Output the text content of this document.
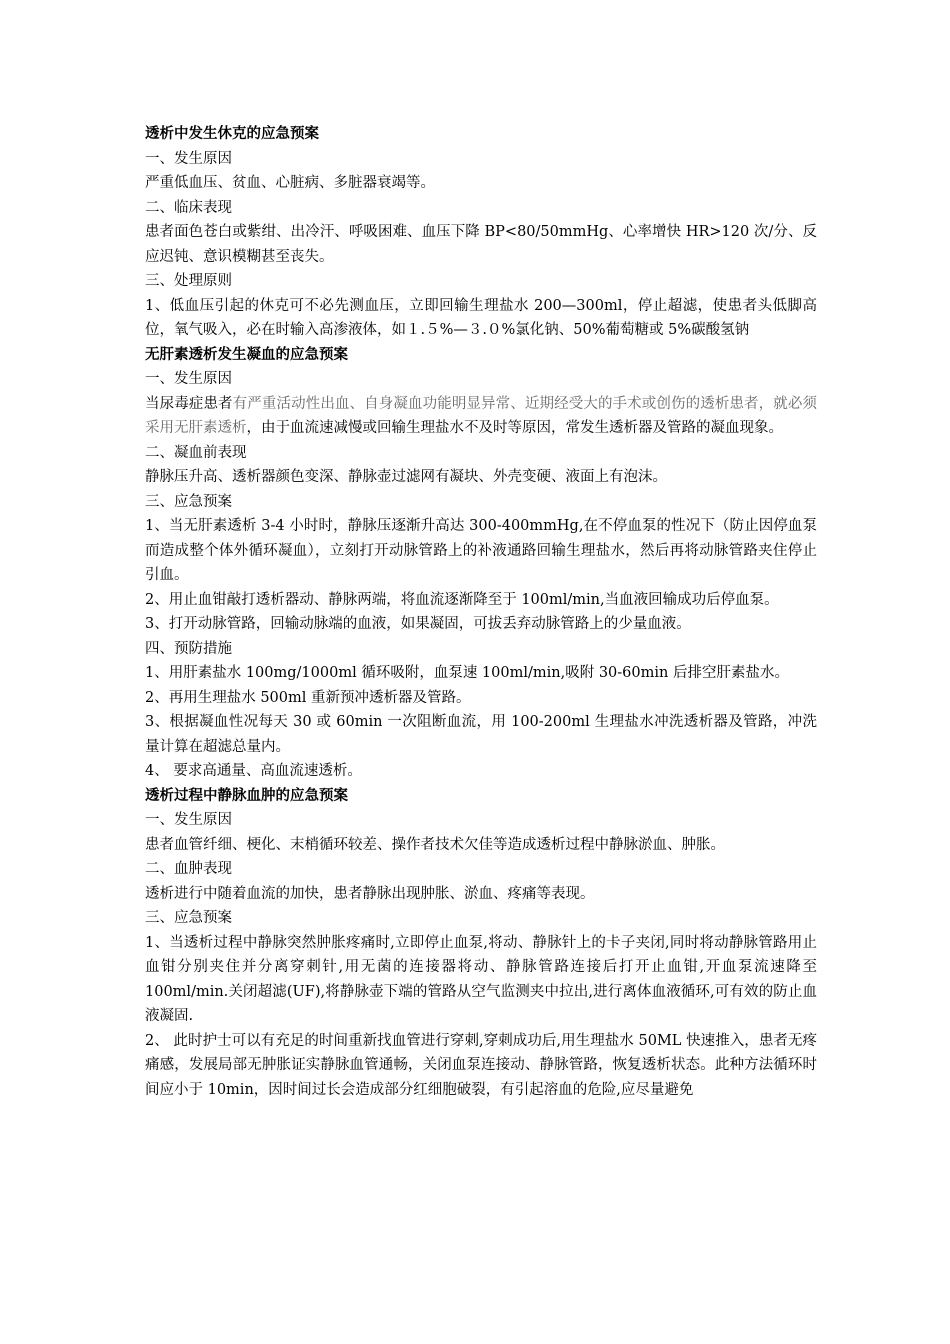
透析中发生休克的应急预案

一、发生原因

严重低血压、贫血、心脏病、多脏器衰竭等。

二、临床表现

患者面色苍白或紫绀、出冷汗、呼吸困难、血压下降 BP<80/50mmHg、心率增快 HR>120 次/分、反应迟钝、意识模糊甚至丧失。

三、处理原则

1、低血压引起的休克可不必先测血压，立即回输生理盐水 200—300ml，停止超滤，使患者头低脚高位，氧气吸入，必在时输入高渗液体，如１.５%—３.０%氯化钠、50%葡萄糖或 5%碳酸氢钠

无肝素透析发生凝血的应急预案

一、发生原因

当尿毒症患者有严重活动性出血、自身凝血功能明显异常、近期经受大的手术或创伤的透析患者，就必须采用无肝素透析，由于血流速减慢或回输生理盐水不及时等原因，常发生透析器及管路的凝血现象。

二、凝血前表现

静脉压升高、透析器颜色变深、静脉壶过滤网有凝块、外壳变硬、液面上有泡沫。

三、应急预案

1、当无肝素透析 3-4 小时时，静脉压逐渐升高达 300-400mmHg,在不停血泵的性况下（防止因停血泵而造成整个体外循环凝血），立刻打开动脉管路上的补液通路回输生理盐水，然后再将动脉管路夹住停止引血。

2、用止血钳敲打透析器动、静脉两端，将血流逐渐降至于 100ml/min,当血液回输成功后停血泵。

3、打开动脉管路，回输动脉端的血液，如果凝固，可拔丢弃动脉管路上的少量血液。

四、预防措施

1、用肝素盐水 100mg/1000ml 循环吸附，血泵速 100ml/min,吸附 30-60min 后排空肝素盐水。

2、再用生理盐水 500ml 重新预冲透析器及管路。

3、根据凝血性况每天 30 或 60min 一次阻断血流，用 100-200ml 生理盐水冲洗透析器及管路，冲洗量计算在超滤总量内。

4、 要求高通量、高血流速透析。

透析过程中静脉血肿的应急预案

一、发生原因

患者血管纤细、梗化、末梢循环较差、操作者技术欠佳等造成透析过程中静脉淤血、肿胀。

二、血肿表现

透析进行中随着血流的加快，患者静脉出现肿胀、淤血、疼痛等表现。

三、应急预案

1、当透析过程中静脉突然肿胀疼痛时,立即停止血泵,将动、静脉针上的卡子夹闭,同时将动静脉管路用止血钳分别夹住并分离穿刺针,用无菌的连接器将动、静脉管路连接后打开止血钳,开血泵流速降至 100ml/min.关闭超滤(UF),将静脉壶下端的管路从空气监测夹中拉出,进行离体血液循环,可有效的防止血液凝固.

2、 此时护士可以有充足的时间重新找血管进行穿刺,穿刺成功后,用生理盐水 50ML 快速推入，患者无疼痛感，发展局部无肿胀证实静脉血管通畅，关闭血泵连接动、静脉管路，恢复透析状态。此种方法循环时间应小于 10min，因时间过长会造成部分红细胞破裂，有引起溶血的危险,应尽量避免
